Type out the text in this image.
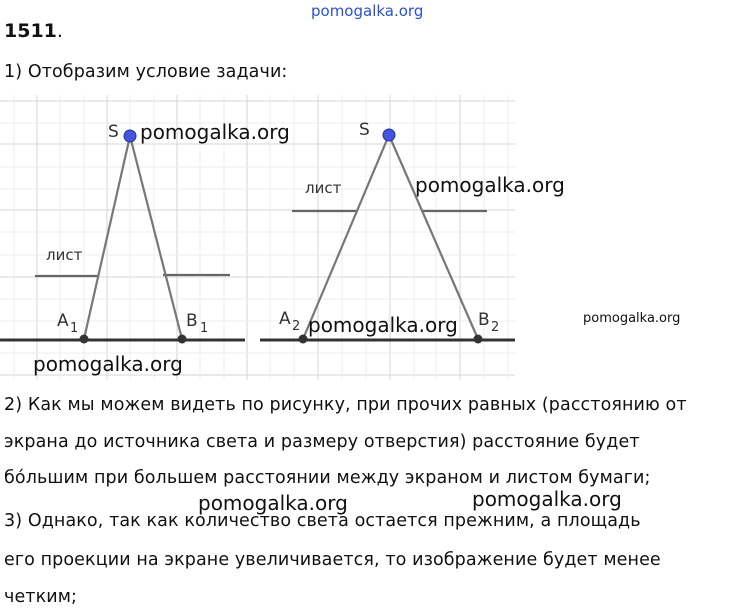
pomogalka.org
1511.
1) Отобразим условие задачи:
S	S
лист
лист
A 1	B 1	A 2	B 2
pomogalka.org
pomogalka.org
pomogalka.org	pomogalka.org
pomogalka.org
2) Как мы можем видеть по рисунку, при прочих равных (расстоянию от
экрана до источника света и размеру отверстия) расстояние будет
бо́льшим при большем расстоянии между экраном и листом бумаги;
3) Однако, так как количество света остается прежним, а площадь
его проекции на экране увеличивается, то изображение будет менее
четким;
pomogalka.org	pomogalka.org
